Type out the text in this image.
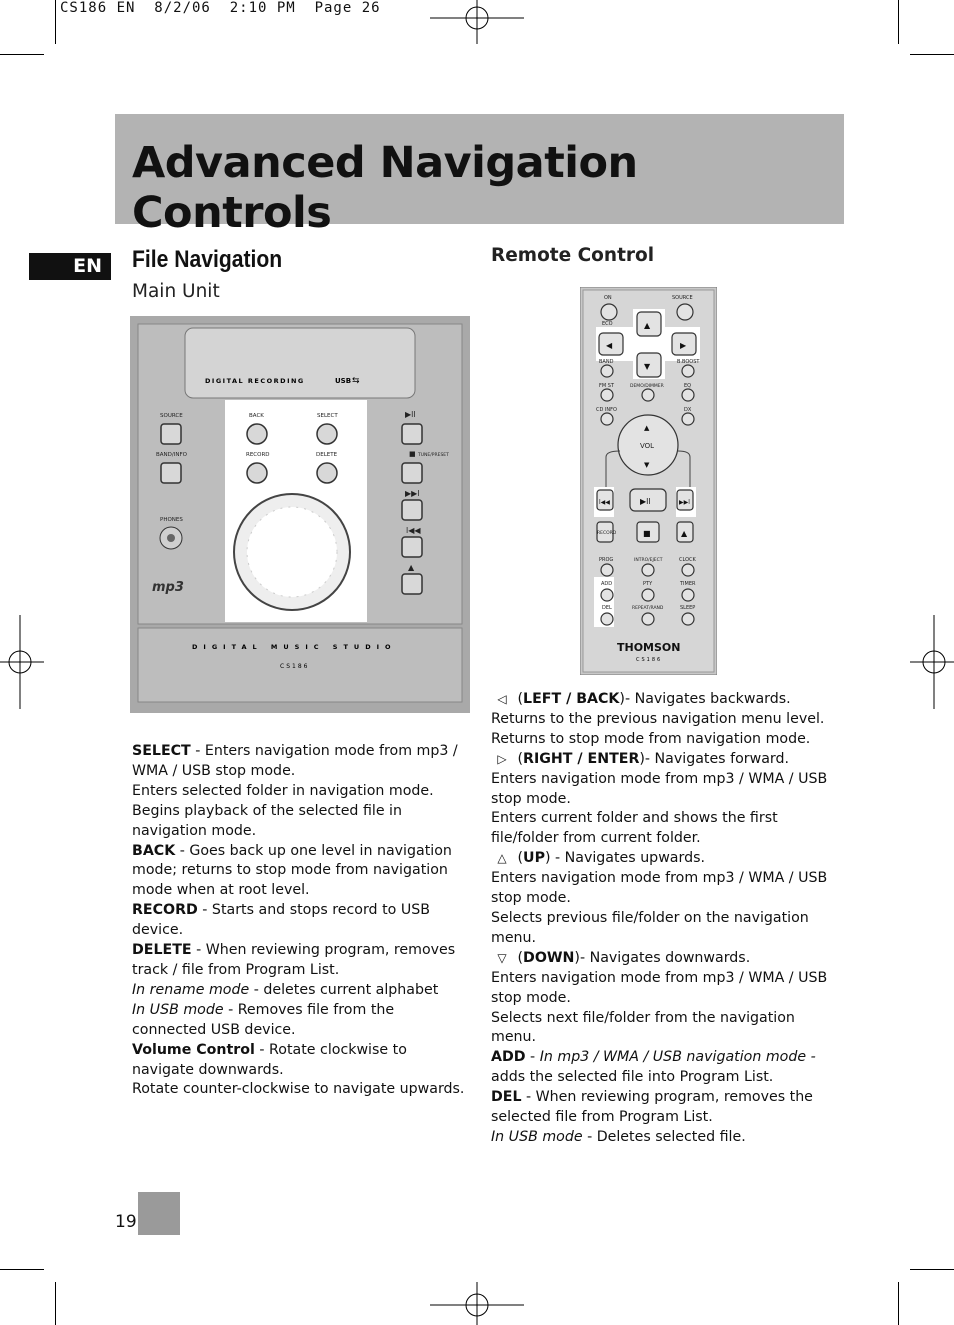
CS186 EN  8/2/06  2:10 PM  Page 26
Advanced Navigation Controls
EN	File Navigation
Main Unit
DIGITAL RECORDING	USB ⇆
SOURCE	BACK	SELECT
BAND/INFO	RECORD	DELETE	TUNE/PRESET
PHONES
▶ll
▶▶l
l◀◀
▲
■
mp3
DIGITAL MUSIC STUDIO
CS186

SELECT - Enters navigation mode from mp3 / WMA / USB stop mode.

Enters selected folder in navigation mode.

Begins playback of the selected file in navigation mode.

BACK - Goes back up one level in navigation mode; returns to stop mode from navigation mode when at root level.

RECORD - Starts and stops record to USB device.

DELETE - When reviewing program, removes track / file from Program List.

In rename mode - deletes current alphabet

In USB mode - Removes file from the connected USB device.

Volume Control - Rotate clockwise to navigate downwards.

Rotate counter-clockwise to navigate upwards.

Remote Control
▲
◀	▶
▼
l◀◀	▶ll	▶▶l
■	▲
▲
▼
ON	SOURCE
ECO
BAND	B.BOOST
FM ST	DEMO/DIMMER	EQ
CD INFO	DX
VOL
RECORD
PROG	INTRO/EJECT	CLOCK
ADD	PTY	TIMER
DEL	REPEAT/RAND	SLEEP
THOMSON
CS186

◁ (LEFT / BACK)- Navigates backwards.

Returns to the previous navigation menu level.

Returns to stop mode from navigation mode.

▷ (RIGHT / ENTER)- Navigates forward.

Enters navigation mode from mp3 / WMA / USB stop mode.

Enters current folder and shows the first file/folder from current folder.

△ (UP) - Navigates upwards.

Enters navigation mode from mp3 / WMA / USB stop mode.

Selects previous file/folder on the navigation menu.

▽ (DOWN)- Navigates downwards.

Enters navigation mode from mp3 / WMA / USB stop mode.

Selects next file/folder from the navigation menu.

ADD - In mp3 / WMA / USB navigation mode - adds the selected file into Program List.

DEL - When reviewing program, removes the selected file from Program List.

In USB mode - Deletes selected file.

19
